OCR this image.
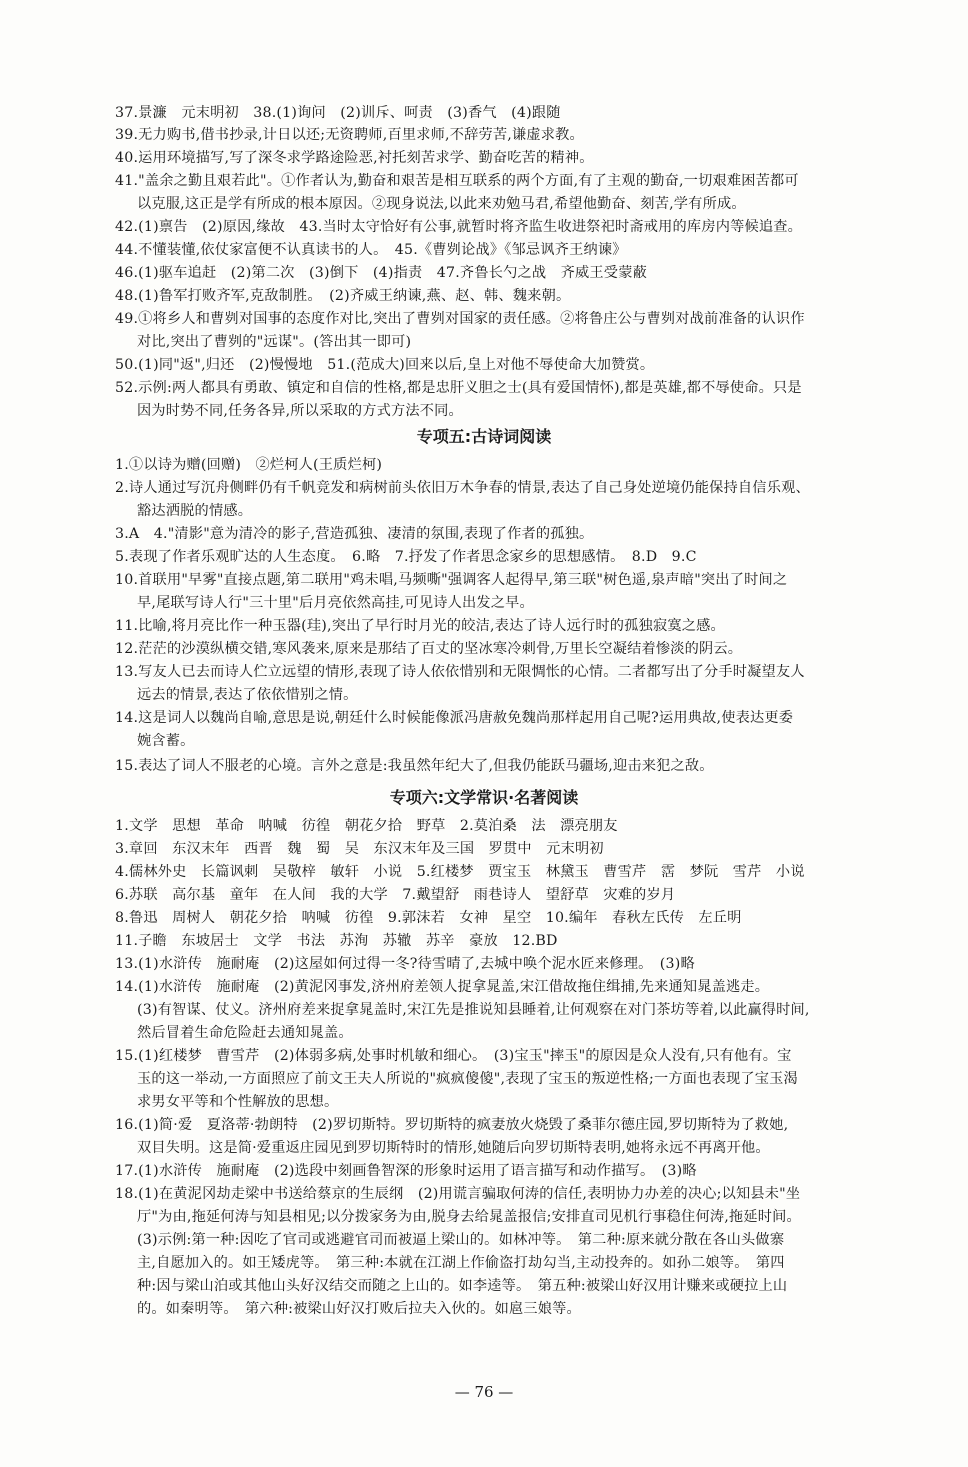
37.景濂　元末明初　38.(1)询问　(2)训斥、呵责　(3)香气　(4)跟随
39.无力购书,借书抄录,计日以还;无资聘师,百里求师,不辞劳苦,谦虚求教。
40.运用环境描写,写了深冬求学路途险恶,衬托刻苦求学、勤奋吃苦的精神。
41."盖余之勤且艰若此"。①作者认为,勤奋和艰苦是相互联系的两个方面,有了主观的勤奋,一切艰难困苦都可
以克服,这正是学有所成的根本原因。②现身说法,以此来劝勉马君,希望他勤奋、刻苦,学有所成。
42.(1)禀告　(2)原因,缘故　43.当时太守恰好有公事,就暂时将齐监生收进祭祀时斋戒用的库房内等候追查。
44.不懂装懂,依仗家富便不认真读书的人。　45.《曹刿论战》《邹忌讽齐王纳谏》
46.(1)驱车追赶　(2)第二次　(3)倒下　(4)指责　47.齐鲁长勺之战　齐威王受蒙蔽
48.(1)鲁军打败齐军,克敌制胜。　(2)齐威王纳谏,燕、赵、韩、魏来朝。
49.①将乡人和曹刿对国事的态度作对比,突出了曹刿对国家的责任感。②将鲁庄公与曹刿对战前准备的认识作
对比,突出了曹刿的"远谋"。(答出其一即可)
50.(1)同"返",归还　(2)慢慢地　51.(范成大)回来以后,皇上对他不辱使命大加赞赏。
52.示例:两人都具有勇敢、镇定和自信的性格,都是忠肝义胆之士(具有爱国情怀),都是英雄,都不辱使命。只是
因为时势不同,任务各异,所以采取的方式方法不同。
1.①以诗为赠(回赠)　②烂柯人(王质烂柯)
2.诗人通过写沉舟侧畔仍有千帆竞发和病树前头依旧万木争春的情景,表达了自己身处逆境仍能保持自信乐观、
豁达洒脱的情感。
3.A　4."清影"意为清冷的影子,营造孤独、凄清的氛围,表现了作者的孤独。
5.表现了作者乐观旷达的人生态度。　6.略　7.抒发了作者思念家乡的思想感情。　8.D　9.C
10.首联用"早雾"直接点题,第二联用"鸡未唱,马频嘶"强调客人起得早,第三联"树色遥,泉声暗"突出了时间之
早,尾联写诗人行"三十里"后月亮依然高挂,可见诗人出发之早。
11.比喻,将月亮比作一种玉器(珪),突出了早行时月光的皎洁,表达了诗人远行时的孤独寂寞之感。
12.茫茫的沙漠纵横交错,寒风袭来,原来是那结了百丈的坚冰寒冷刺骨,万里长空凝结着惨淡的阴云。
13.写友人已去而诗人伫立远望的情形,表现了诗人依依惜别和无限惆怅的心情。二者都写出了分手时凝望友人
远去的情景,表达了依依惜别之情。
14.这是词人以魏尚自喻,意思是说,朝廷什么时候能像派冯唐赦免魏尚那样起用自己呢?运用典故,使表达更委
婉含蓄。
15.表达了词人不服老的心境。言外之意是:我虽然年纪大了,但我仍能跃马疆场,迎击来犯之敌。
1.文学　思想　革命　呐喊　彷徨　朝花夕拾　野草　2.莫泊桑　法　漂亮朋友
3.章回　东汉末年　西晋　魏　蜀　吴　东汉末年及三国　罗贯中　元末明初
4.儒林外史　长篇讽刺　吴敬梓　敏轩　小说　5.红楼梦　贾宝玉　林黛玉　曹雪芹　霑　梦阮　雪芹　小说
6.苏联　高尔基　童年　在人间　我的大学　7.戴望舒　雨巷诗人　望舒草　灾难的岁月
8.鲁迅　周树人　朝花夕拾　呐喊　彷徨　9.郭沫若　女神　星空　10.编年　春秋左氏传　左丘明
11.子瞻　东坡居士　文学　书法　苏洵　苏辙　苏辛　豪放　12.BD
13.(1)水浒传　施耐庵　(2)这屋如何过得一冬?待雪晴了,去城中唤个泥水匠来修理。　(3)略
14.(1)水浒传　施耐庵　(2)黄泥冈事发,济州府差领人捉拿晁盖,宋江借故拖住缉捕,先来通知晁盖逃走。
(3)有智谋、仗义。济州府差来捉拿晁盖时,宋江先是推说知县睡着,让何观察在对门茶坊等着,以此赢得时间,
然后冒着生命危险赶去通知晁盖。
15.(1)红楼梦　曹雪芹　(2)体弱多病,处事时机敏和细心。　(3)宝玉"摔玉"的原因是众人没有,只有他有。宝
玉的这一举动,一方面照应了前文王夫人所说的"疯疯傻傻",表现了宝玉的叛逆性格;一方面也表现了宝玉渴
求男女平等和个性解放的思想。
16.(1)简·爱　夏洛蒂·勃朗特　(2)罗切斯特。罗切斯特的疯妻放火烧毁了桑菲尔德庄园,罗切斯特为了救她,
双目失明。这是简·爱重返庄园见到罗切斯特时的情形,她随后向罗切斯特表明,她将永远不再离开他。
17.(1)水浒传　施耐庵　(2)选段中刻画鲁智深的形象时运用了语言描写和动作描写。　(3)略
18.(1)在黄泥冈劫走梁中书送给蔡京的生辰纲　(2)用谎言骗取何涛的信任,表明协力办差的决心;以知县未"坐
厅"为由,拖延何涛与知县相见;以分拨家务为由,脱身去给晁盖报信;安排直司见机行事稳住何涛,拖延时间。
(3)示例:第一种:因吃了官司或逃避官司而被逼上梁山的。如林冲等。　第二种:原来就分散在各山头做寨
主,自愿加入的。如王矮虎等。　第三种:本就在江湖上作偷盗打劫勾当,主动投奔的。如孙二娘等。　第四
种:因与梁山泊或其他山头好汉结交而随之上山的。如李逵等。　第五种:被梁山好汉用计赚来或硬拉上山
的。如秦明等。　第六种:被梁山好汉打败后拉夫入伙的。如扈三娘等。
专项五:古诗词阅读
专项六:文学常识·名著阅读
— 76 —
